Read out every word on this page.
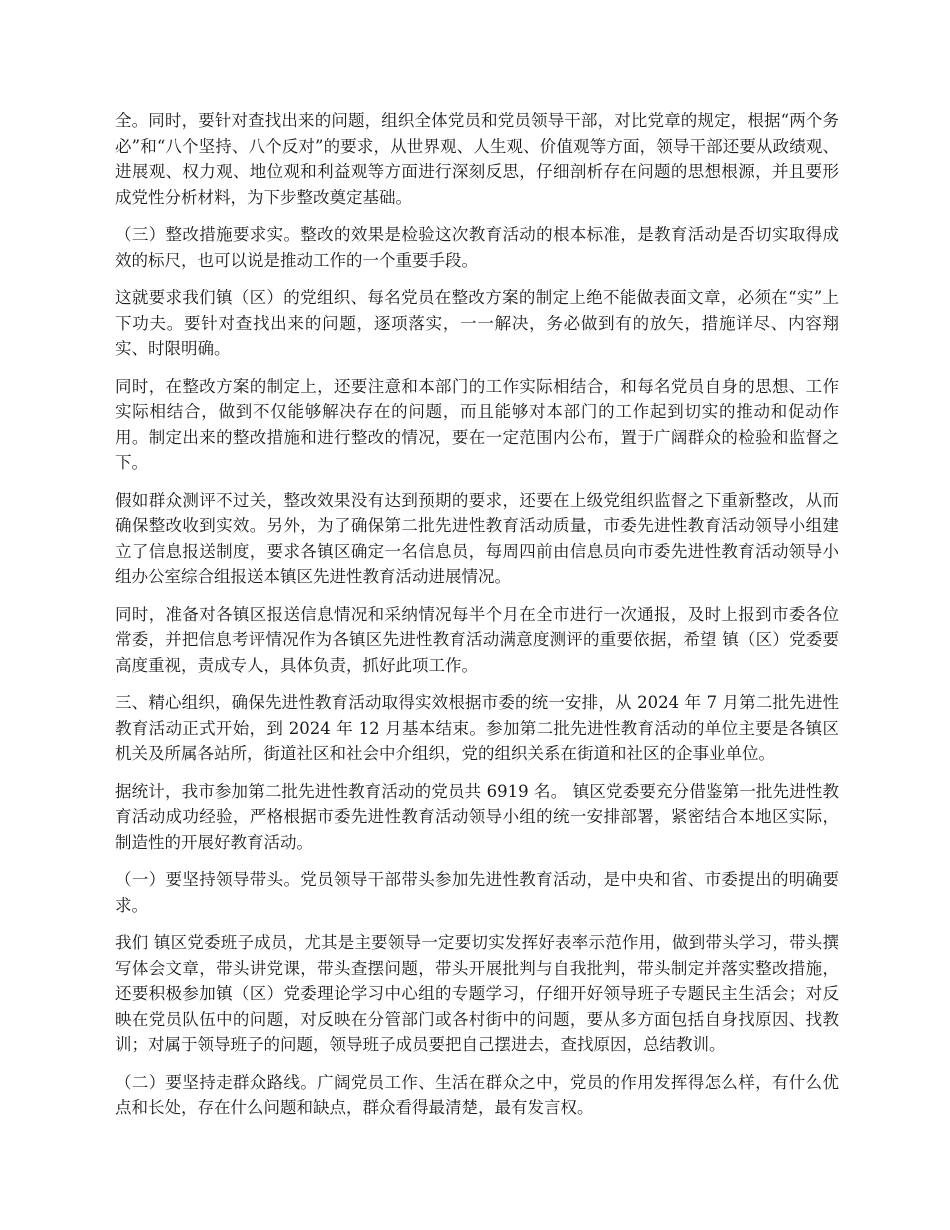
全。同时，要针对查找出来的问题，组织全体党员和党员领导干部，对比党章的规定，根据“两个务必”和“八个坚持、八个反对”的要求，从世界观、人生观、价值观等方面，领导干部还要从政绩观、进展观、权力观、地位观和利益观等方面进行深刻反思，仔细剖析存在问题的思想根源，并且要形成党性分析材料，为下步整改奠定基础。

（三）整改措施要求实。整改的效果是检验这次教育活动的根本标准，是教育活动是否切实取得成效的标尺，也可以说是推动工作的一个重要手段。

这就要求我们镇（区）的党组织、每名党员在整改方案的制定上绝不能做表面文章，必须在“实”上下功夫。要针对查找出来的问题，逐项落实，一一解决，务必做到有的放矢，措施详尽、内容翔实、时限明确。

同时，在整改方案的制定上，还要注意和本部门的工作实际相结合，和每名党员自身的思想、工作实际相结合，做到不仅能够解决存在的问题，而且能够对本部门的工作起到切实的推动和促动作用。制定出来的整改措施和进行整改的情况，要在一定范围内公布，置于广阔群众的检验和监督之下。

假如群众测评不过关，整改效果没有达到预期的要求，还要在上级党组织监督之下重新整改，从而确保整改收到实效。另外，为了确保第二批先进性教育活动质量，市委先进性教育活动领导小组建立了信息报送制度，要求各镇区确定一名信息员，每周四前由信息员向市委先进性教育活动领导小组办公室综合组报送本镇区先进性教育活动进展情况。

同时，准备对各镇区报送信息情况和采纳情况每半个月在全市进行一次通报，及时上报到市委各位常委，并把信息考评情况作为各镇区先进性教育活动满意度测评的重要依据，希望 镇（区）党委要高度重视，责成专人，具体负责，抓好此项工作。

三、精心组织，确保先进性教育活动取得实效根据市委的统一安排，从 2024 年 7 月第二批先进性教育活动正式开始，到 2024 年 12 月基本结束。参加第二批先进性教育活动的单位主要是各镇区机关及所属各站所，街道社区和社会中介组织，党的组织关系在街道和社区的企事业单位。

据统计，我市参加第二批先进性教育活动的党员共 6919 名。 镇区党委要充分借鉴第一批先进性教育活动成功经验，严格根据市委先进性教育活动领导小组的统一安排部署，紧密结合本地区实际，制造性的开展好教育活动。

（一）要坚持领导带头。党员领导干部带头参加先进性教育活动，是中央和省、市委提出的明确要求。

我们 镇区党委班子成员，尤其是主要领导一定要切实发挥好表率示范作用，做到带头学习，带头撰写体会文章，带头讲党课，带头查摆问题，带头开展批判与自我批判，带头制定并落实整改措施，还要积极参加镇（区）党委理论学习中心组的专题学习，仔细开好领导班子专题民主生活会；对反映在党员队伍中的问题，对反映在分管部门或各村街中的问题，要从多方面包括自身找原因、找教训；对属于领导班子的问题，领导班子成员要把自己摆进去，查找原因，总结教训。

（二）要坚持走群众路线。广阔党员工作、生活在群众之中，党员的作用发挥得怎么样，有什么优点和长处，存在什么问题和缺点，群众看得最清楚，最有发言权。
